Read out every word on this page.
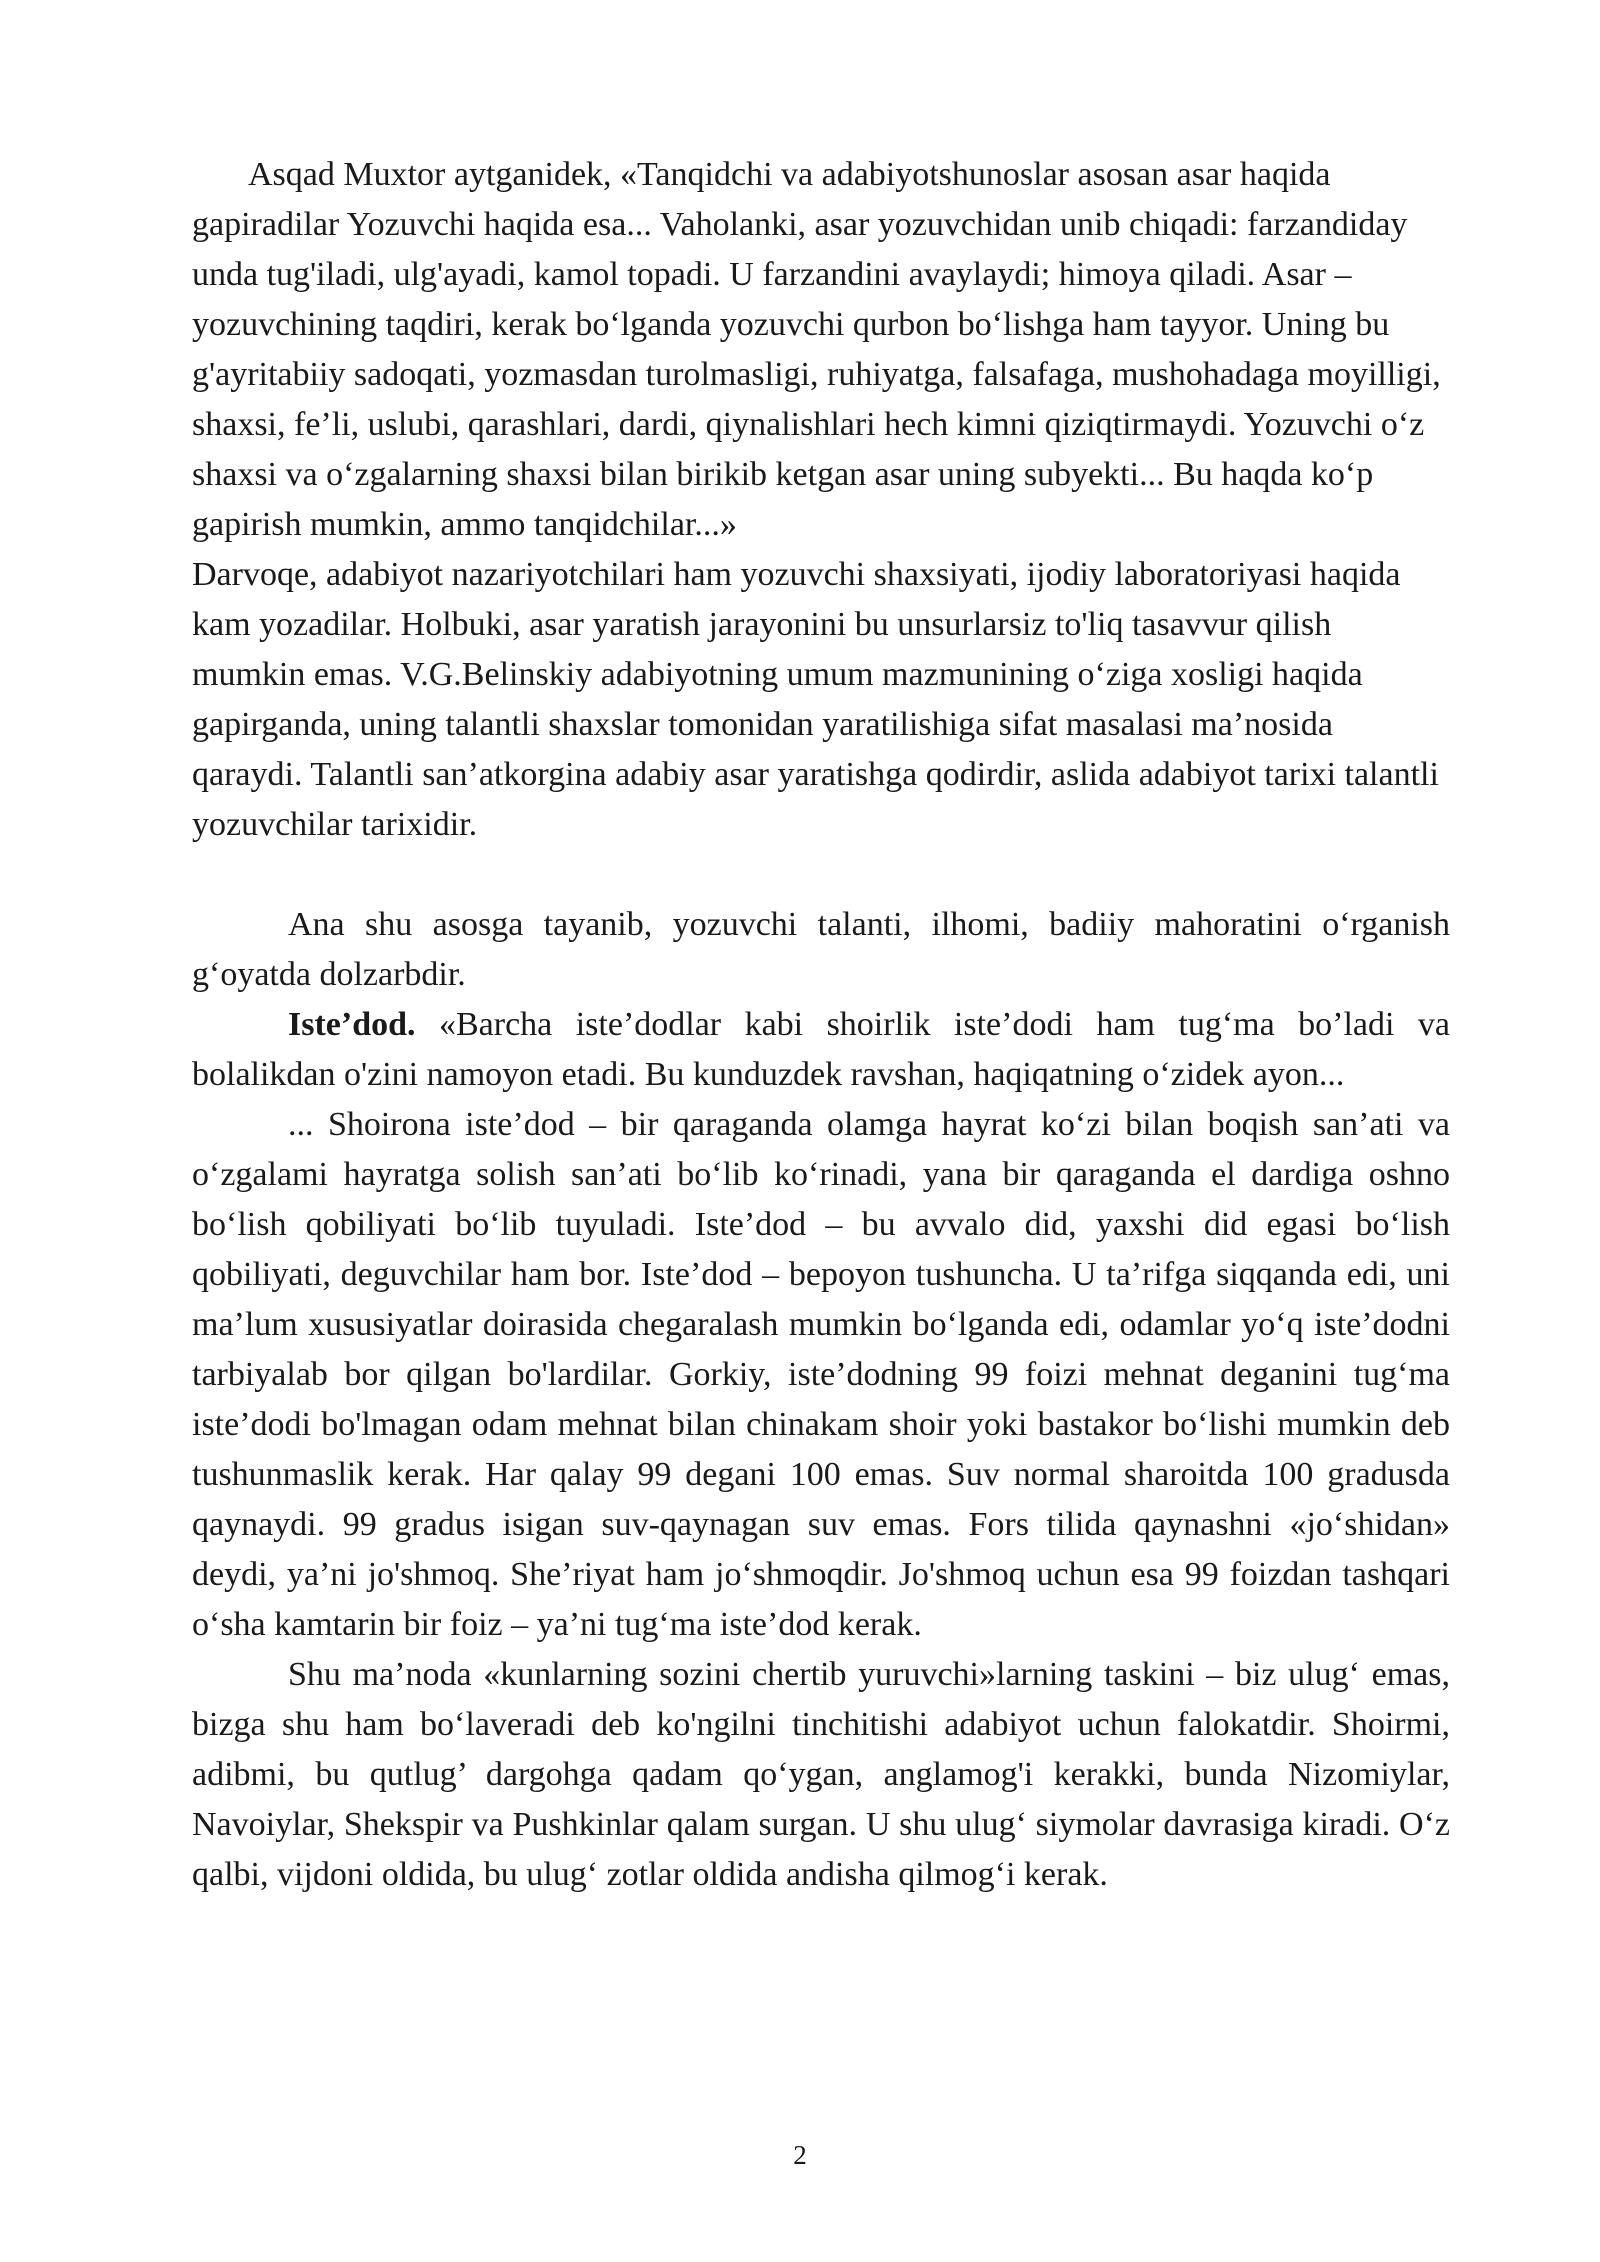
Asqad Muxtor aytganidek, «Tanqidchi va adabiyotshunoslar asosan asar haqida gapiradilar Yozuvchi haqida esa... Vaholanki, asar yozuvchidan unib chiqadi: farzandiday unda tug'iladi, ulg'ayadi, kamol topadi. U farzandini avaylaydi; himoya qiladi. Asar – yozuvchining taqdiri, kerak bo‘lganda yozuvchi qurbon bo‘lishga ham tayyor. Uning bu g'ayritabiiy sadoqati, yozmasdan turolmasligi, ruhiyatga, falsafaga, mushohadaga moyilligi, shaxsi, fe’li, uslubi, qarashlari, dardi, qiynalishlari hech kimni qiziqtirmaydi. Yozuvchi o‘z shaxsi va o‘zgalarning shaxsi bilan birikib ketgan asar uning subyekti... Bu haqda ko‘p gapirish mumkin, ammo tanqidchilar...»

Darvoqe, adabiyot nazariyotchilari ham yozuvchi shaxsiyati, ijodiy laboratoriyasi haqida kam yozadilar. Holbuki, asar yaratish jarayonini bu unsurlarsiz to'liq tasavvur qilish mumkin emas. V.G.Belinskiy adabiyotning umum mazmunining o‘ziga xosligi haqida gapirganda, uning talantli shaxslar tomonidan yaratilishiga sifat masalasi ma’nosida qaraydi. Talantli san’atkorgina adabiy asar yaratishga qodirdir, aslida adabiyot tarixi talantli yozuvchilar tarixidir.

Ana shu asosga tayanib, yozuvchi talanti, ilhomi, badiiy mahoratini o‘rganish g‘oyatda dolzarbdir.

Iste’dod. «Barcha iste’dodlar kabi shoirlik iste’dodi ham tug‘ma bo’ladi va bolalikdan o'zini namoyon etadi. Bu kunduzdek ravshan, haqiqatning o‘zidek ayon...

... Shoirona iste’dod – bir qaraganda olamga hayrat ko‘zi bilan boqish san’ati va o‘zgalami hayratga solish san’ati bo‘lib ko‘rinadi, yana bir qaraganda el dardiga oshno bo‘lish qobiliyati bo‘lib tuyuladi. Iste’dod – bu avvalo did, yaxshi did egasi bo‘lish qobiliyati, deguvchilar ham bor. Iste’dod – bepoyon tushuncha. U ta’rifga siqqanda edi, uni ma’lum xususiyatlar doirasida chegaralash mumkin bo‘lganda edi, odamlar yo‘q iste’dodni tarbiyalab bor qilgan bo'lardilar. Gorkiy, iste’dodning 99 foizi mehnat deganini tug‘ma iste’dodi bo'lmagan odam mehnat bilan chinakam shoir yoki bastakor bo‘lishi mumkin deb tushunmaslik kerak. Har qalay 99 degani 100 emas. Suv normal sharoitda 100 gradusda qaynaydi. 99 gradus isigan suv-qaynagan suv emas. Fors tilida qaynashni «jo‘shidan» deydi, ya’ni jo'shmoq. She’riyat ham jo‘shmoqdir. Jo'shmoq uchun esa 99 foizdan tashqari o‘sha kamtarin bir foiz – ya’ni tug‘ma iste’dod kerak.

Shu ma’noda «kunlarning sozini chertib yuruvchi»larning taskini – biz ulug‘ emas, bizga shu ham bo‘laveradi deb ko'ngilni tinchitishi adabiyot uchun falokatdir. Shoirmi, adibmi, bu qutlug’ dargohga qadam qo‘ygan, anglamog'i kerakki, bunda Nizomiylar, Navoiylar, Shekspir va Pushkinlar qalam surgan. U shu ulug‘ siymolar davrasiga kiradi. O‘z qalbi, vijdoni oldida, bu ulug‘ zotlar oldida andisha qilmog‘i kerak.

2
